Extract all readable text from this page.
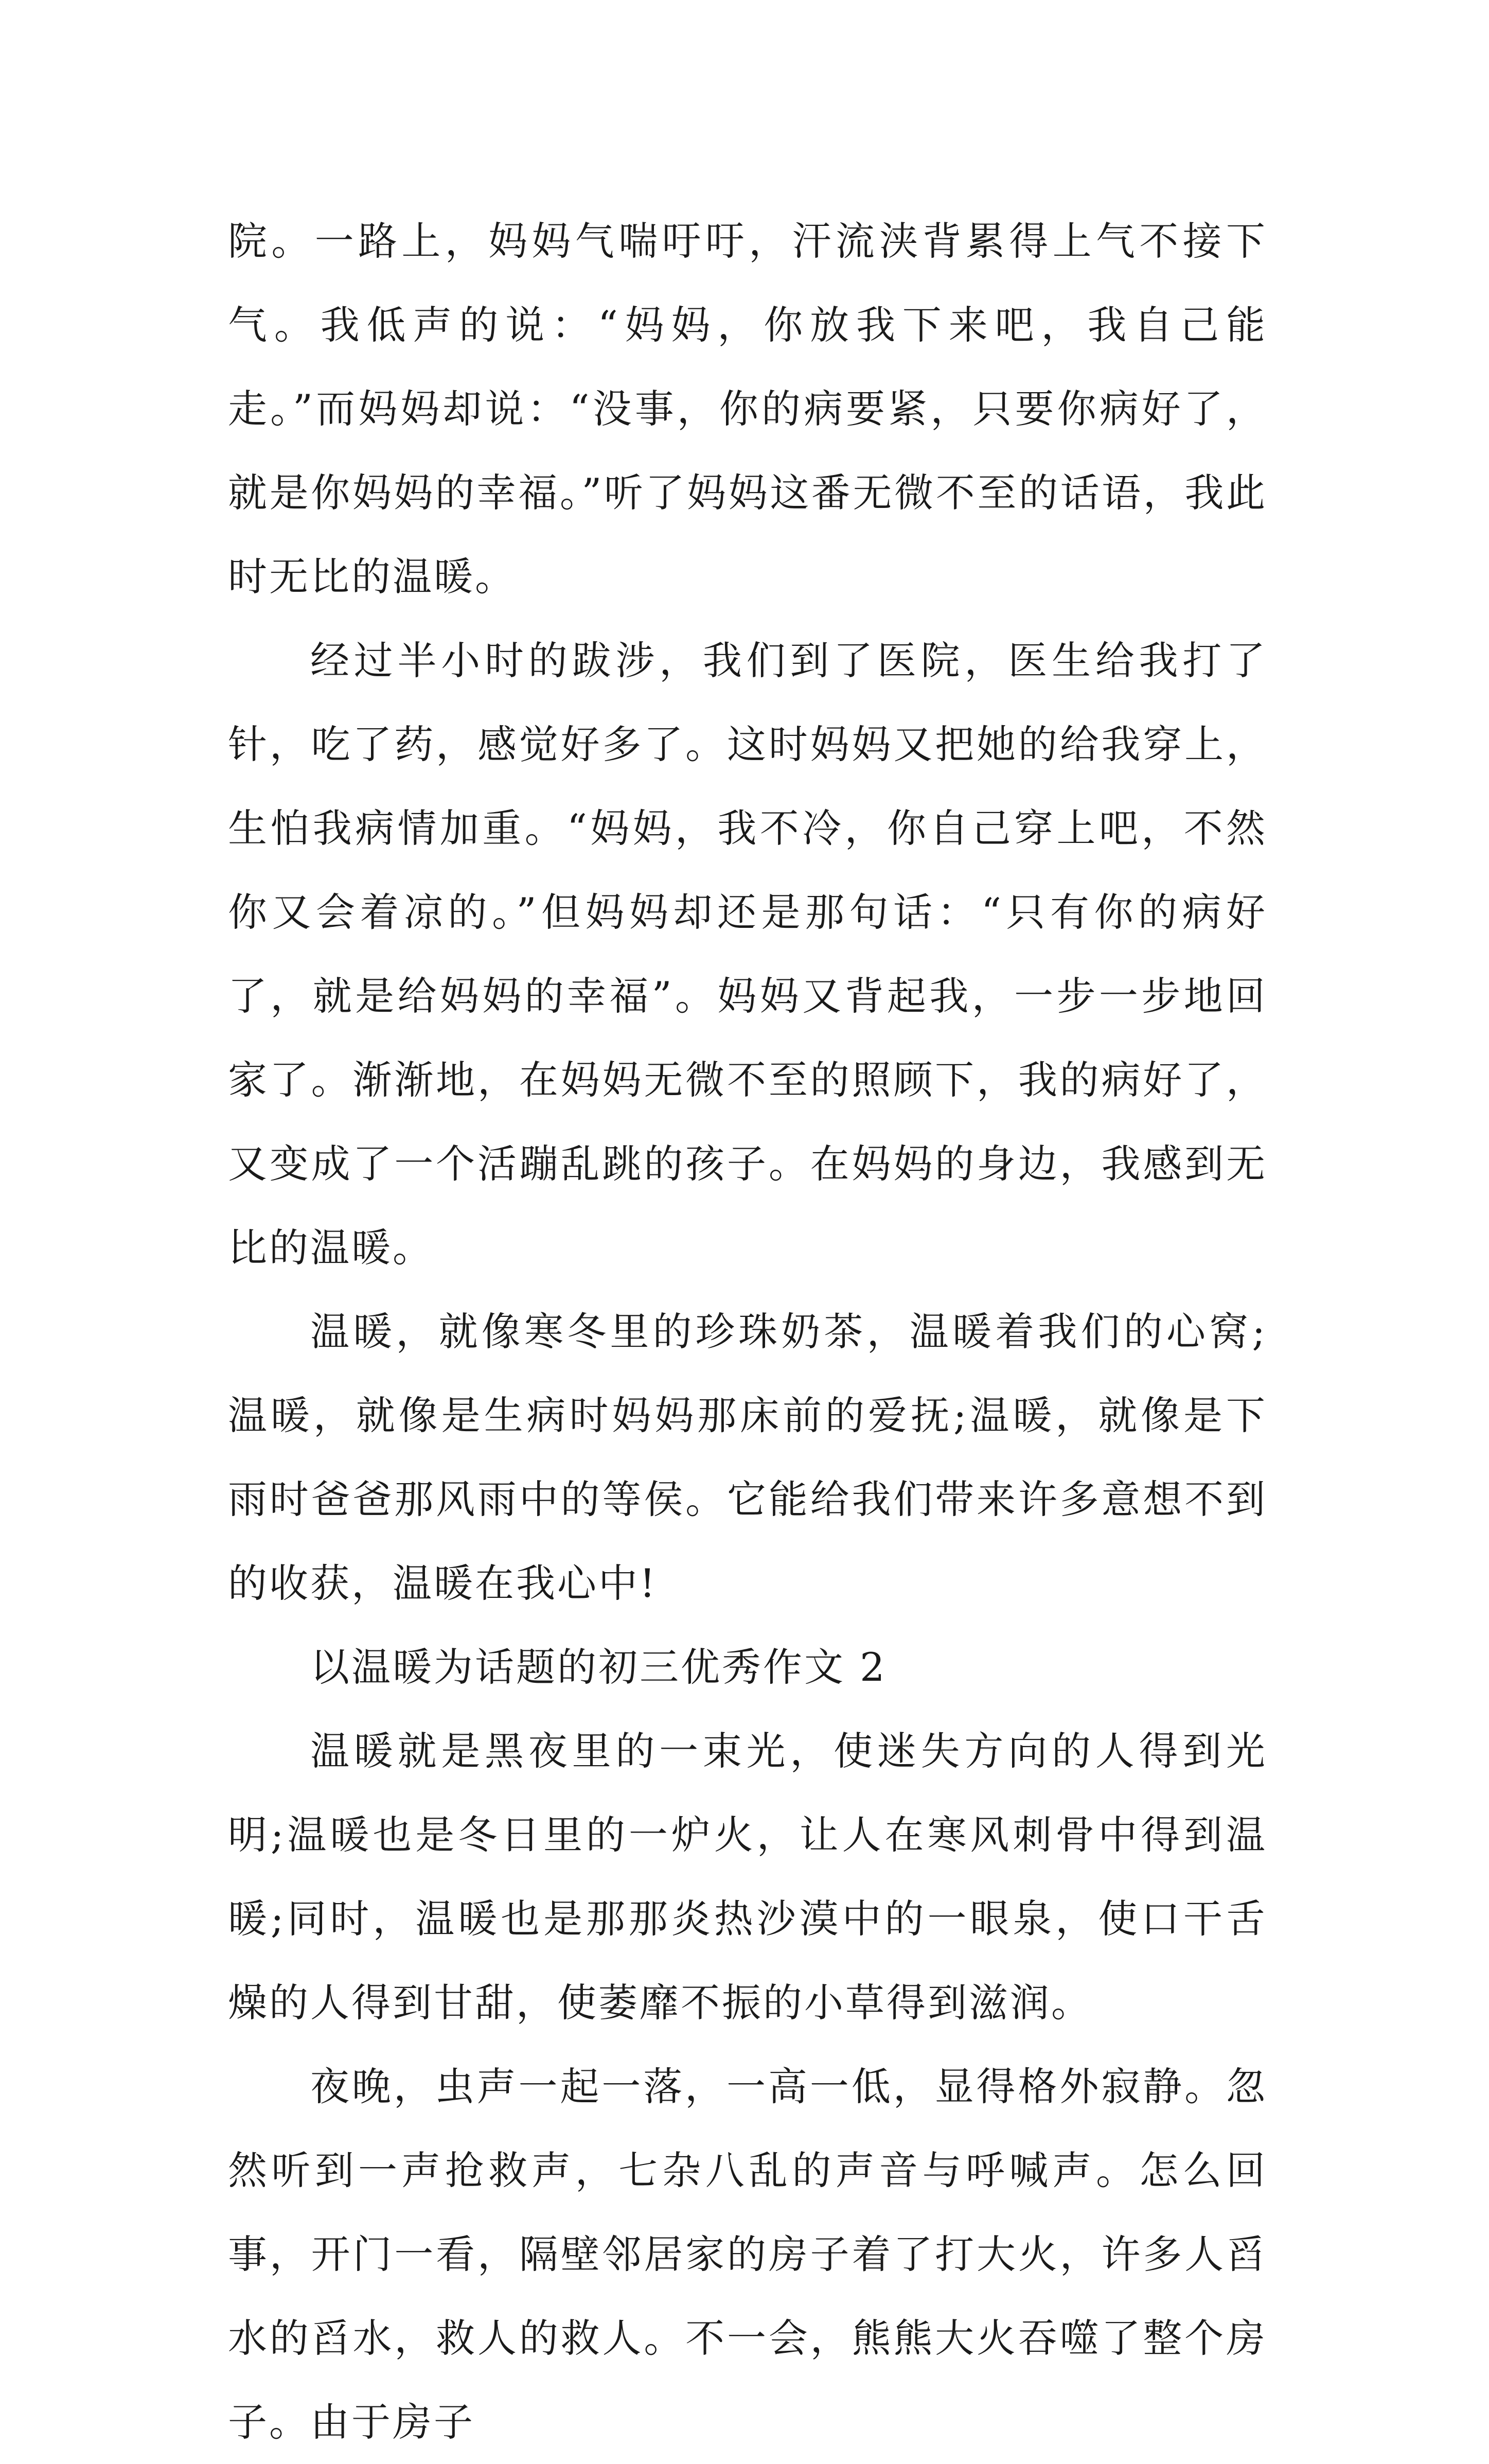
院。一路上，妈妈气喘吁吁，汗流浃背累得上气不接下气。我低声的说：“妈妈，你放我下来吧，我自己能走。”而妈妈却说：“没事，你的病要紧，只要你病好了，就是你妈妈的幸福。”听了妈妈这番无微不至的话语，我此时无比的温暖。

经过半小时的跋涉，我们到了医院，医生给我打了针，吃了药，感觉好多了。这时妈妈又把她的给我穿上，生怕我病情加重。“妈妈，我不冷，你自己穿上吧，不然你又会着凉的。”但妈妈却还是那句话：“只有你的病好了，就是给妈妈的幸福”。妈妈又背起我，一步一步地回家了。渐渐地，在妈妈无微不至的照顾下，我的病好了，又变成了一个活蹦乱跳的孩子。在妈妈的身边，我感到无比的温暖。

温暖，就像寒冬里的珍珠奶茶，温暖着我们的心窝;温暖，就像是生病时妈妈那床前的爱抚;温暖，就像是下雨时爸爸那风雨中的等侯。它能给我们带来许多意想不到的收获，温暖在我心中!

以温暖为话题的初三优秀作文 2

温暖就是黑夜里的一束光，使迷失方向的人得到光明;温暖也是冬日里的一炉火，让人在寒风刺骨中得到温暖;同时，温暖也是那那炎热沙漠中的一眼泉，使口干舌燥的人得到甘甜，使萎靡不振的小草得到滋润。

夜晚，虫声一起一落，一高一低，显得格外寂静。忽然听到一声抢救声，七杂八乱的声音与呼喊声。怎么回事，开门一看，隔壁邻居家的房子着了打大火，许多人舀水的舀水，救人的救人。不一会，熊熊大火吞噬了整个房子。由于房子
